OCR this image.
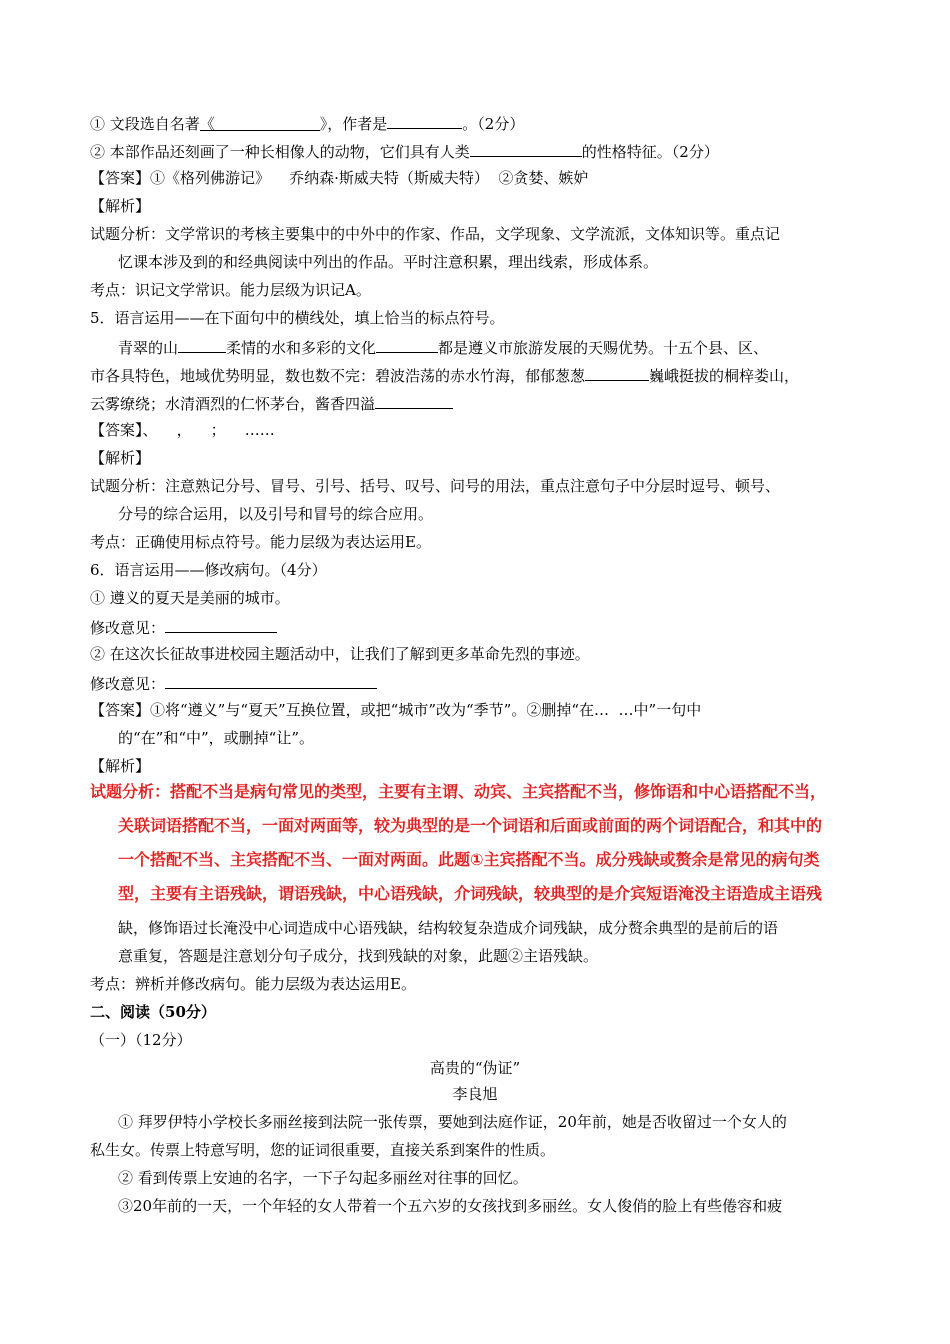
① 文段选自名著《	》，作者是	。（2分）
② 本部作品还刻画了一种长相像人的动物，它们具有人类	的性格特征。（2分）
【答案】①《格列佛游记》    乔纳森·斯威夫特（斯威夫特）  ②贪婪、嫉妒
【解析】
试题分析：文学常识的考核主要集中的中外中的作家、作品，文学现象、文学流派，文体知识等。重点记
忆课本涉及到的和经典阅读中列出的作品。平时注意积累，理出线索，形成体系。
考点：识记文学常识。能力层级为识记A。
5．语言运用——在下面句中的横线处，填上恰当的标点符号。
青翠的山	柔情的水和多彩的文化	都是遵义市旅游发展的天赐优势。十五个县、区、
市各具特色，地域优势明显，数也数不完：碧波浩荡的赤水竹海，郁郁葱葱	巍峨挺拔的桐梓娄山，
云雾缭绕；水清酒烈的仁怀茅台，酱香四溢
【答案】、    ，    ；    ……
【解析】
试题分析：注意熟记分号、冒号、引号、括号、叹号、问号的用法，重点注意句子中分层时逗号、顿号、
分号的综合运用，以及引号和冒号的综合应用。
考点：正确使用标点符号。能力层级为表达运用E。
6．语言运用——修改病句。（4分）
① 遵义的夏天是美丽的城市。
修改意见：
② 在这次长征故事进校园主题活动中，让我们了解到更多革命先烈的事迹。
修改意见：
【答案】①将“遵义”与“夏天”互换位置，或把“城市”改为“季节”。②删掉“在…  …中”一句中
的“在”和“中”，或删掉“让”。
【解析】
试题分析：搭配不当是病句常见的类型，主要有主谓、动宾、主宾搭配不当，修饰语和中心语搭配不当，
关联词语搭配不当，一面对两面等，较为典型的是一个词语和后面或前面的两个词语配合，和其中的
一个搭配不当、主宾搭配不当、一面对两面。此题①主宾搭配不当。成分残缺或赘余是常见的病句类
型，主要有主语残缺，谓语残缺，中心语残缺，介词残缺，较典型的是介宾短语淹没主语造成主语残
缺，修饰语过长淹没中心词造成中心语残缺，结构较复杂造成介词残缺，成分赘余典型的是前后的语
意重复，答题是注意划分句子成分，找到残缺的对象，此题②主语残缺。
考点：辨析并修改病句。能力层级为表达运用E。
二、阅读（50分）
（一）（12分）
高贵的“伪证”
李良旭
① 拜罗伊特小学校长多丽丝接到法院一张传票，要她到法庭作证，20年前，她是否收留过一个女人的
私生女。传票上特意写明，您的证词很重要，直接关系到案件的性质。
② 看到传票上安迪的名字，一下子勾起多丽丝对往事的回忆。
③20年前的一天，一个年轻的女人带着一个五六岁的女孩找到多丽丝。女人俊俏的脸上有些倦容和疲
